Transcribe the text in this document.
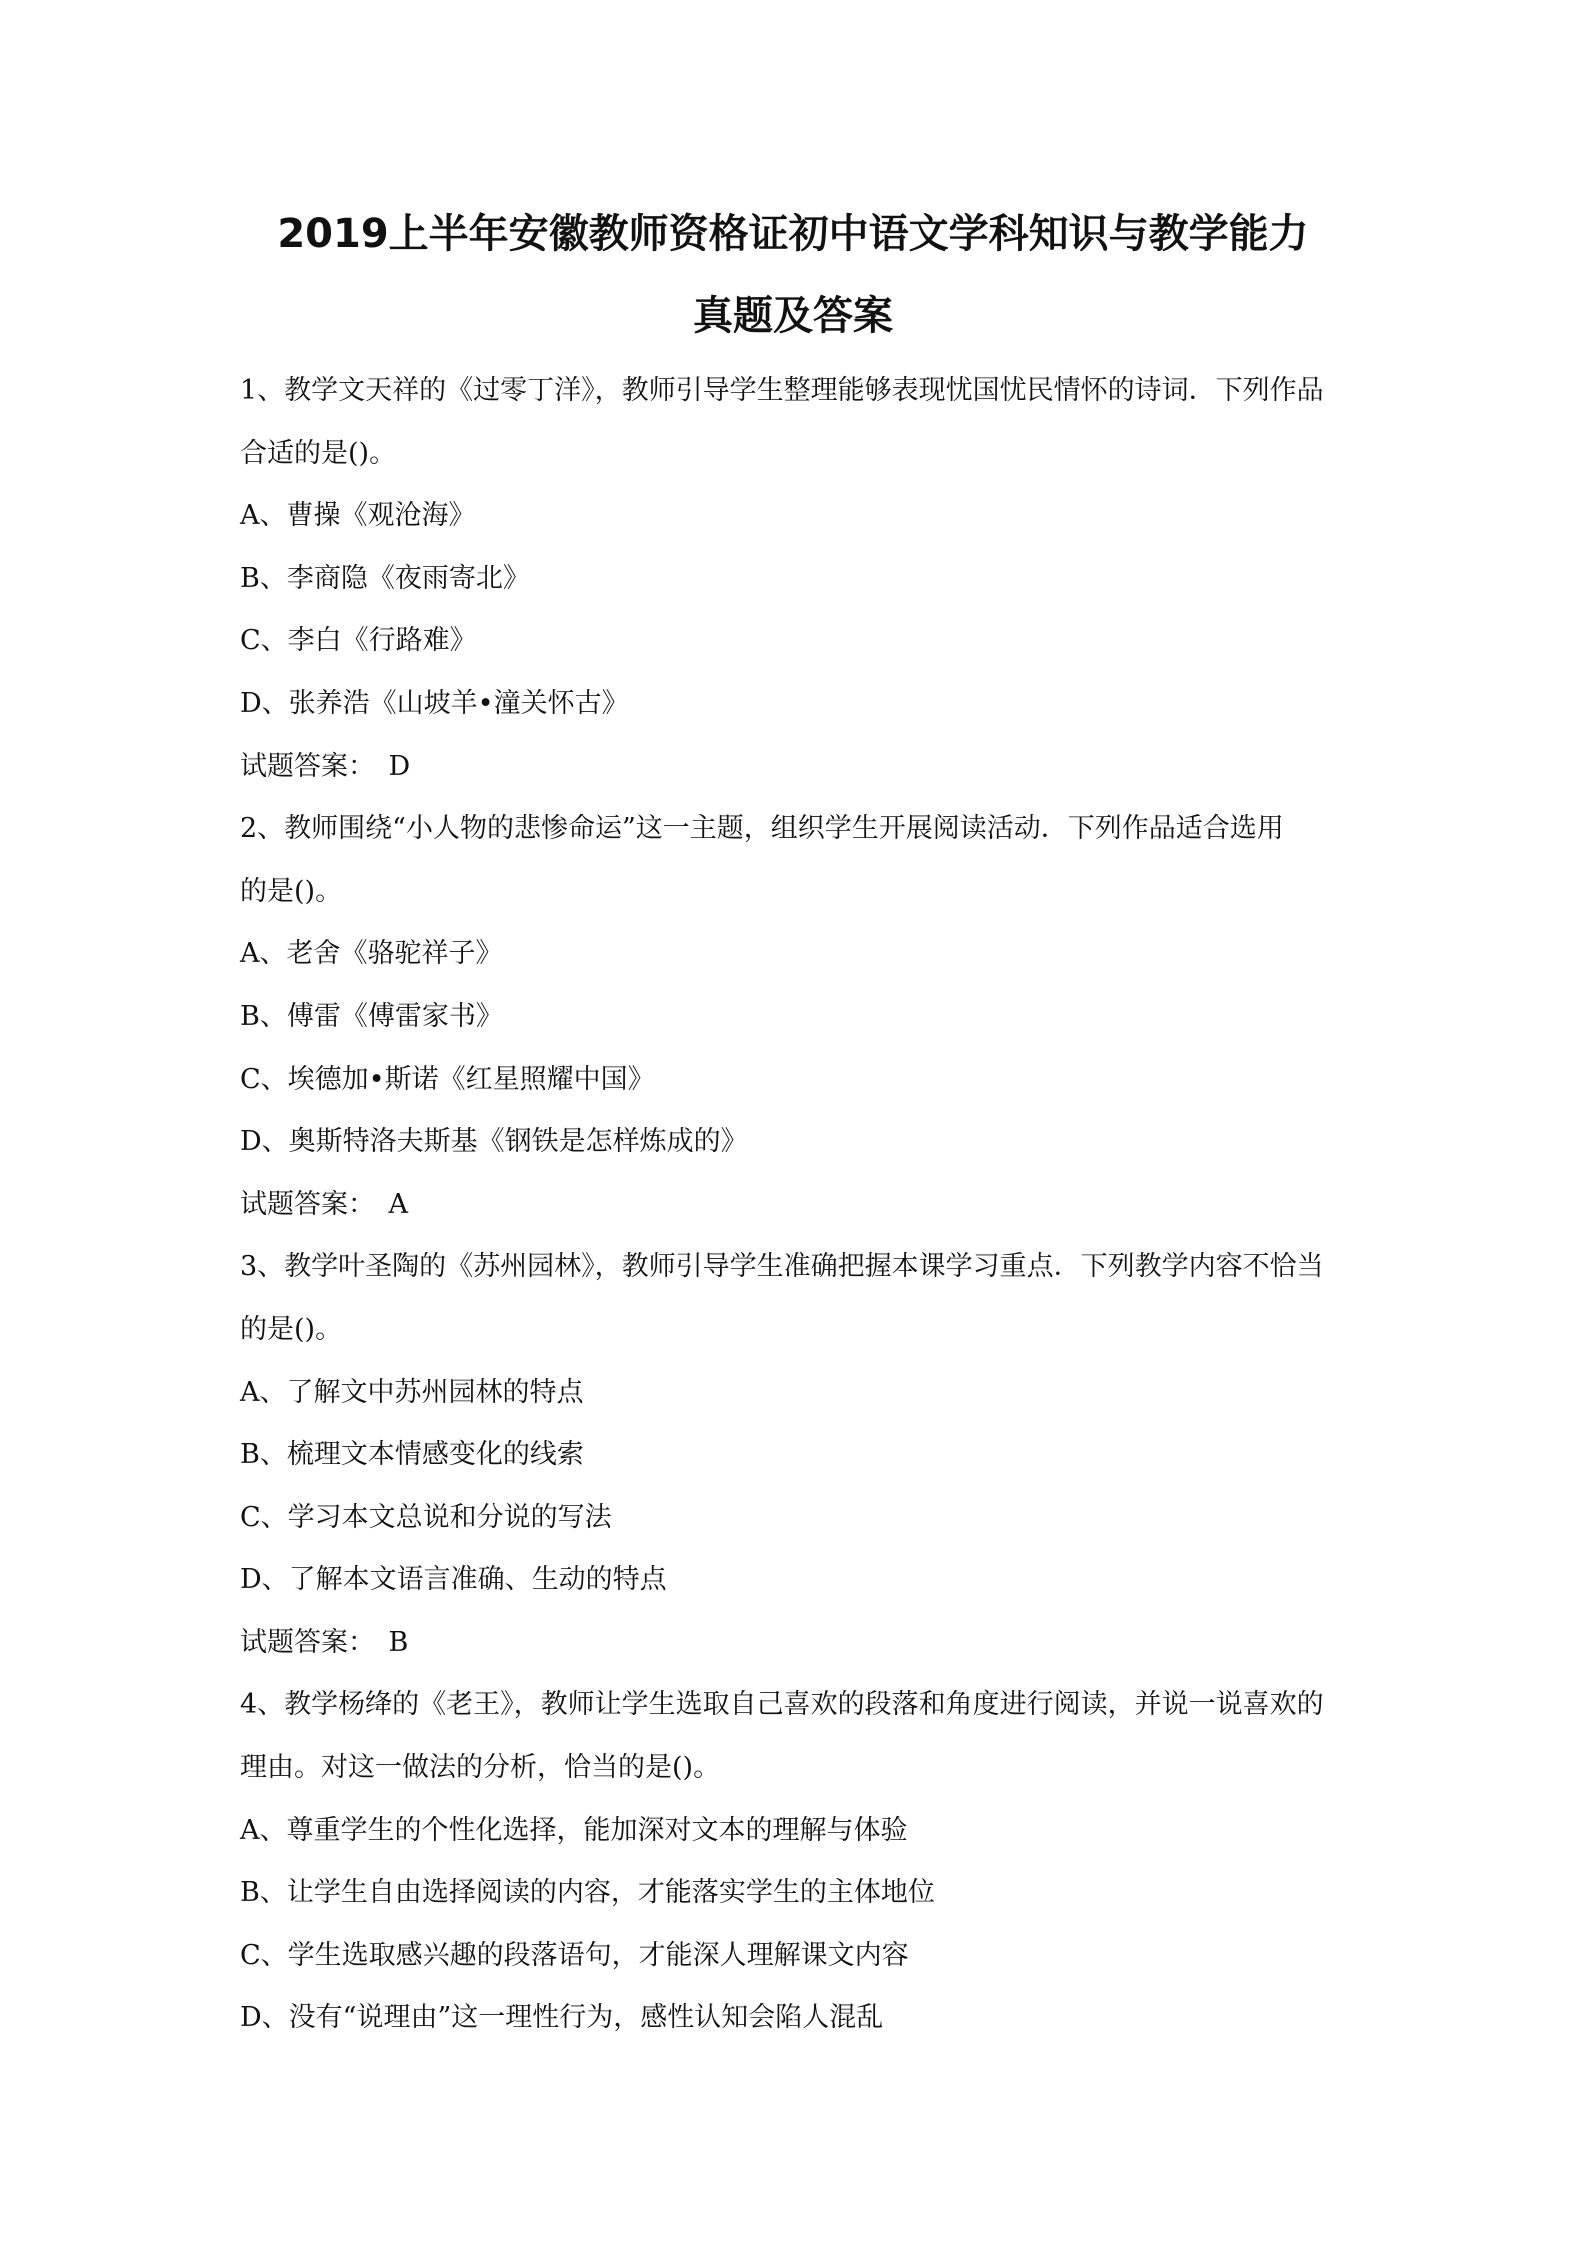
2019上半年安徽教师资格证初中语文学科知识与教学能力
真题及答案

1、教学文天祥的《过零丁洋》，教师引导学生整理能够表现忧国忧民情怀的诗词．下列作品

合适的是()。

A、曹操《观沧海》

B、李商隐《夜雨寄北》

C、李白《行路难》

D、张养浩《山坡羊•潼关怀古》

试题答案：　D

2、教师围绕“小人物的悲惨命运”这一主题，组织学生开展阅读活动．下列作品适合选用

的是()。

A、老舍《骆驼祥子》

B、傅雷《傅雷家书》

C、埃德加•斯诺《红星照耀中国》

D、奥斯特洛夫斯基《钢铁是怎样炼成的》

试题答案：　A

3、教学叶圣陶的《苏州园林》，教师引导学生准确把握本课学习重点．下列教学内容不恰当

的是()。

A、了解文中苏州园林的特点

B、梳理文本情感变化的线索

C、学习本文总说和分说的写法

D、了解本文语言准确、生动的特点

试题答案：　B

4、教学杨绛的《老王》，教师让学生选取自己喜欢的段落和角度进行阅读，并说一说喜欢的

理由。对这一做法的分析，恰当的是()。

A、尊重学生的个性化选择，能加深对文本的理解与体验

B、让学生自由选择阅读的内容，才能落实学生的主体地位

C、学生选取感兴趣的段落语句，才能深人理解课文内容

D、没有“说理由”这一理性行为，感性认知会陷人混乱
